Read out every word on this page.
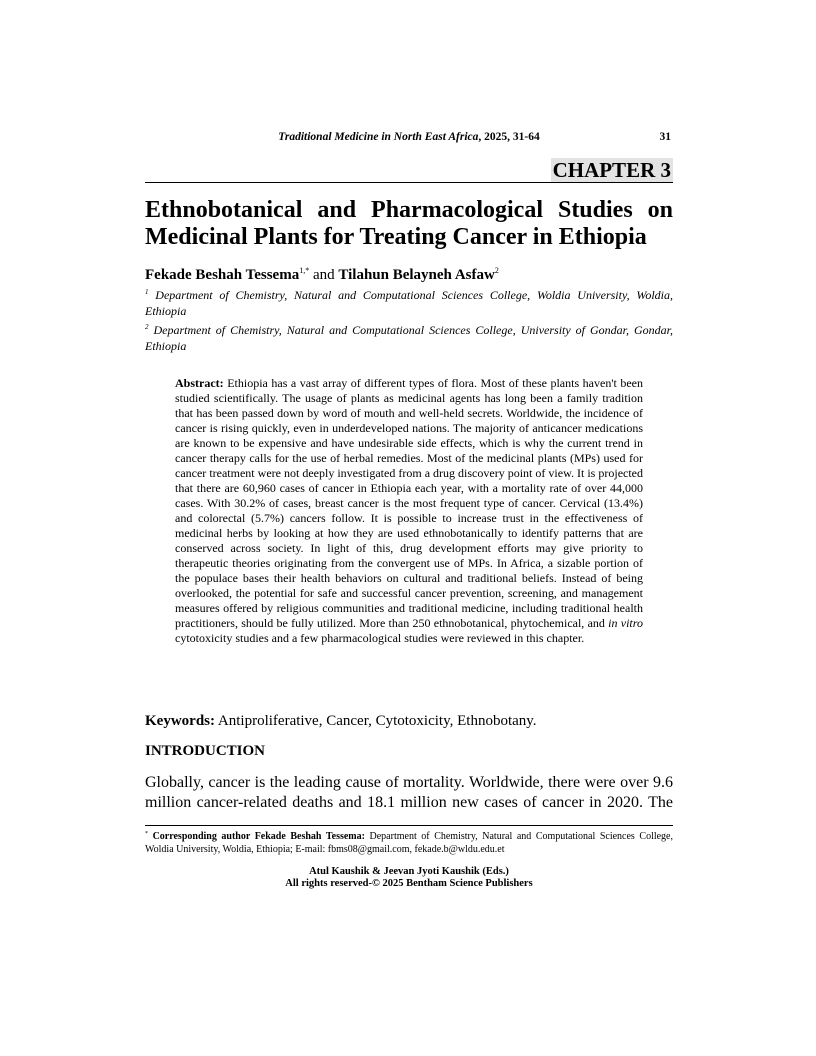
Traditional Medicine in North East Africa, 2025, 31-64	31
CHAPTER 3
Ethnobotanical and Pharmacological Studies on Medicinal Plants for Treating Cancer in Ethiopia
Fekade Beshah Tessema$^{1,*}$ and Tilahun Belayneh Asfaw$^2$
$^1$ Department of Chemistry, Natural and Computational Sciences College, Woldia University, Woldia, Ethiopia
$^2$ Department of Chemistry, Natural and Computational Sciences College, University of Gondar, Gondar, Ethiopia
Abstract: Ethiopia has a vast array of different types of flora. Most of these plants haven't been studied scientifically. The usage of plants as medicinal agents has long been a family tradition that has been passed down by word of mouth and well-held secrets. Worldwide, the incidence of cancer is rising quickly, even in underdeveloped nations. The majority of anticancer medications are known to be expensive and have undesirable side effects, which is why the current trend in cancer therapy calls for the use of herbal remedies. Most of the medicinal plants (MPs) used for cancer treatment were not deeply investigated from a drug discovery point of view. It is projected that there are 60,960 cases of cancer in Ethiopia each year, with a mortality rate of over 44,000 cases. With 30.2% of cases, breast cancer is the most frequent type of cancer. Cervical (13.4%) and colorectal (5.7%) cancers follow. It is possible to increase trust in the effectiveness of medicinal herbs by looking at how they are used ethnobotanically to identify patterns that are conserved across society. In light of this, drug development efforts may give priority to therapeutic theories originating from the convergent use of MPs. In Africa, a sizable portion of the populace bases their health behaviors on cultural and traditional beliefs. Instead of being overlooked, the potential for safe and successful cancer prevention, screening, and management measures offered by religious communities and traditional medicine, including traditional health practitioners, should be fully utilized. More than 250 ethnobotanical, phytochemical, and in vitro cytotoxicity studies and a few pharmacological studies were reviewed in this chapter.
Keywords: Antiproliferative, Cancer, Cytotoxicity, Ethnobotany.
INTRODUCTION
Globally, cancer is the leading cause of mortality. Worldwide, there were over 9.6 million cancer-related deaths and 18.1 million new cases of cancer in 2020. The
* Corresponding author Fekade Beshah Tessema: Department of Chemistry, Natural and Computational Sciences College, Woldia University, Woldia, Ethiopia; E-mail: fbms08@gmail.com, fekade.b@wldu.edu.et
Atul Kaushik & Jeevan Jyoti Kaushik (Eds.)
All rights reserved-© 2025 Bentham Science Publishers
